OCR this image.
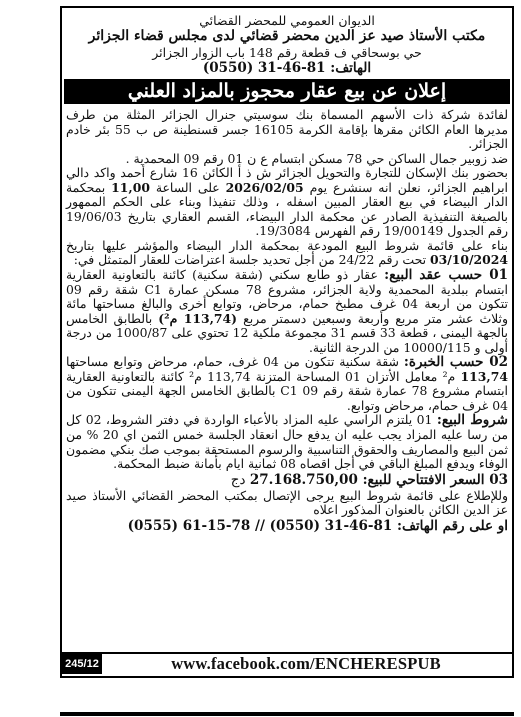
الديوان العمومي للمحضر القضائي
مكتب الأستاذ صيد عز الدين محضر قضائي لدى مجلس قضاء الجزائر
حي بوسحاقي ف قطعة رقم 148 باب الزوار الجزائر
الهاتف: 81-46-31 (0550)
إعلان عن بيع عقار محجوز بالمزاد العلني

لفائدة شركة ذات الأسهم المسماة بنك سوسيتي جنرال الجزائر المثلة من طرف مديرها العام الكائن مقرها بإقامة الكرمة 16105 جسر قسنطينة ص ب 55 بئر خادم الجزائر.

ضد زوبير جمال الساكن حي 78 مسكن ابتسام ع ن 01 رقم 09 المحمدية .

بحضور بنك الإسكان للتجارة والتحويل الجزائر ش ذ أ الكائن 16 شارع أحمد واكد دالي ابراهيم الجزائر، نعلن انه سنشرع يوم 2026/02/05 على الساعة 11,00 بمحكمة الدار البيضاء في بيع العقار المبين اسفله ، وذلك تنفيذا وبناء على الحكم الممهور بالصيغة التنفيذية الصادر عن محكمة الدار البيضاء، القسم العقاري بتاريخ 19/06/03 رقم الجدول 19/00149 رقم الفهرس 19/3084.

بناء على قائمة شروط البيع المودعة بمحكمة الدار البيضاء والمؤشر عليها بتاريخ 03/10/2024 تحت رقم 24/22 من أجل تحديد جلسة اعتراضات للعقار المتمثل في:

01 حسب عقد البيع: عقار ذو طابع سكني (شقة سكنية) كائنة بالتعاونية العقارية ابتسام ببلدية المحمدية ولاية الجزائر، مشروع 78 مسكن عمارة C1 شقة رقم 09 تتكون من اربعة 04 غرف مطبخ حمام، مرحاض، وتوابع أخرى والبالغ مساحتها مائة وثلاث عشر متر مربع وأربعة وسبعين دسمتر مربع (113,74 م²) بالطابق الخامس بالجهة اليمنى ، قطعة 33 قسم 31 مجموعة ملكية 12 تحتوي على 1000/87 من درجة أولى و 10000/115 من الدرجة الثانية.

02 حسب الخبرة: شقة سكنية تتكون من 04 غرف، حمام، مرحاض وتوابع مساحتها 113,74 م² معامل الأتزان 01 المساحة المتزنة 113,74 م² كائنة بالتعاونية العقارية ابتسام مشروع 78 عمارة شقة رقم 09 C1 بالطابق الخامس الجهة اليمنى تتكون من 04 غرف حمام، مرحاض وتوابع.

شروط البيع: 01 يلتزم الراسي عليه المزاد بالأعباء الواردة في دفتر الشروط، 02 كل من رسا عليه المزاد يجب عليه ان يدفع حال انعقاد الجلسة خمس الثمن اي 20 % من ثمن البيع والمصاريف والحقوق التناسبية والرسوم المستحقة بموجب صك بنكي مضمون الوفاء ويدفع المبلغ الباقي في أجل اقصاه 08 ثمانية ايام بأمانة ضبط المحكمة.

03 السعر الافتتاحي للبيع: 27.168.750,00 دج

وللإطلاع على قائمة شروط البيع يرجى الإتصال بمكتب المحضر القضائي الأستاذ صيد عز الدين الكائن بالعنوان المذكور اعلاه

او على رقم الهاتف: 81-46-31 (0550) // 78-15-61 (0555)

245/12	www.facebook.com/ENCHERESPUB
